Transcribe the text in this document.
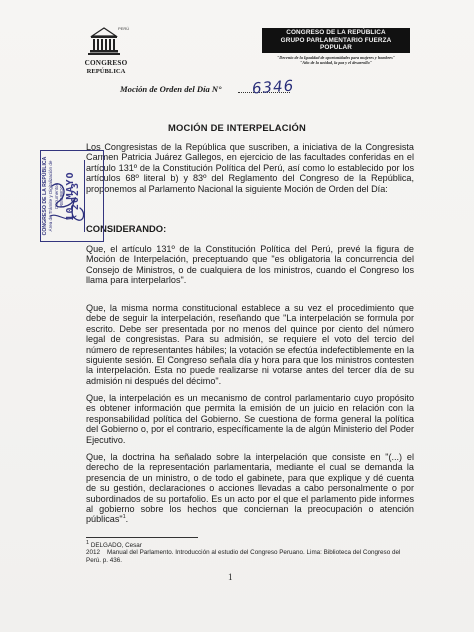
PERÚ
CONGRESO
REPÚBLICA
CONGRESO DE LA REPÚBLICA
GRUPO PARLAMENTARIO FUERZA POPULAR
"Decenio de la Igualdad de oportunidades para mujeres y hombres"
"Año de la unidad, la paz y el desarrollo"
Moción de Orden del Día N° 6346
MOCIÓN DE INTERPELACIÓN
Los Congresistas de la República que suscriben, a iniciativa de la Congresista Carmen Patricia Juárez Gallegos, en ejercicio de las facultades conferidas en el artículo 131º de la Constitución Política del Perú, así como lo establecido por los artículos 68º literal b) y 83º del Reglamento del Congreso de la República, proponemos al Parlamento Nacional la siguiente Moción de Orden del Día:
CONSIDERANDO:
Que, el artículo 131º de la Constitución Política del Perú, prevé la figura de Moción de Interpelación, preceptuando que "es obligatoria la concurrencia del Consejo de Ministros, o de cualquiera de los ministros, cuando el Congreso los llama para interpelarlos".
Que, la misma norma constitucional establece a su vez el procedimiento que debe de seguir la interpelación, reseñando que "La interpelación se formula por escrito. Debe ser presentada por no menos del quince por ciento del número legal de congresistas. Para su admisión, se requiere el voto del tercio del número de representantes hábiles; la votación se efectúa indefectiblemente en la siguiente sesión. El Congreso señala día y hora para que los ministros contesten la interpelación. Esta no puede realizarse ni votarse antes del tercer día de su admisión ni después del décimo".
Que, la interpelación es un mecanismo de control parlamentario cuyo propósito es obtener información que permita la emisión de un juicio en relación con la responsabilidad política del Gobierno. Se cuestiona de forma general la política del Gobierno o, por el contrario, específicamente la de algún Ministerio del Poder Ejecutivo.
Que, la doctrina ha señalado sobre la interpelación que consiste en "(...) el derecho de la representación parlamentaria, mediante el cual se demanda la presencia de un ministro, o de todo el gabinete, para que explique y dé cuenta de su gestión, declaraciones o acciones llevadas a cabo personalmente o por subordinados de su portafolio. Es un acto por el que el parlamento pide informes al gobierno sobre los hechos que conciernan la preocupación o atención públicas"$^1$.
CONGRESO DE LA REPÚBLICA Área de Trámite y Digitalización de Documentos RECIBIDO 10 MAYO 2023
$^1$ DELGADO, Cesar
2012 Manual del Parlamento. Introducción al estudio del Congreso Peruano. Lima: Biblioteca del Congreso del Perú. p. 436.
1
